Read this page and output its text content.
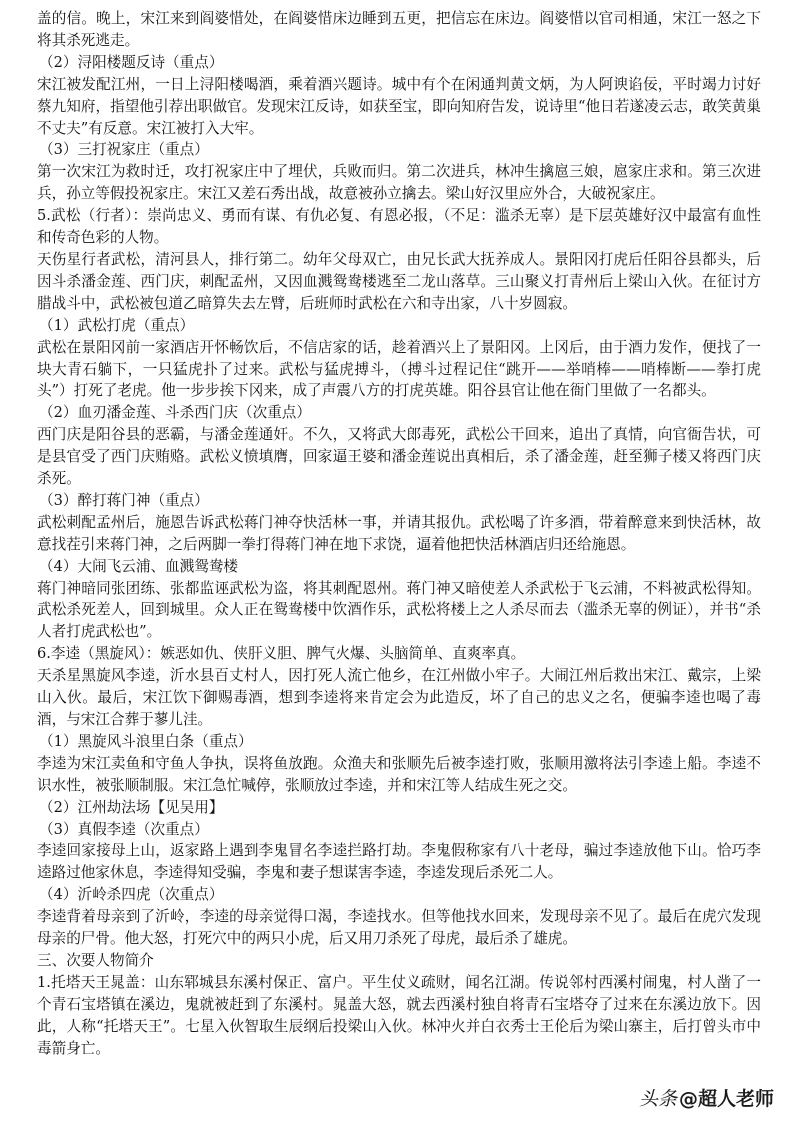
盖的信。晚上，宋江来到阎婆惜处，在阎婆惜床边睡到五更，把信忘在床边。阎婆惜以官司相通，宋江一怒之下将其杀死逃走。

（2）浔阳楼题反诗（重点）

宋江被发配江州，一日上浔阳楼喝酒，乘着酒兴题诗。城中有个在闲通判黄文炳，为人阿谀谄佞，平时竭力讨好蔡九知府，指望他引荐出职做官。发现宋江反诗，如获至宝，即向知府告发，说诗里“他日若遂凌云志，敢笑黄巢不丈夫”有反意。宋江被打入大牢。

（3）三打祝家庄（重点）

第一次宋江为救时迁，攻打祝家庄中了埋伏，兵败而归。第二次进兵，林冲生擒扈三娘，扈家庄求和。第三次进兵，孙立等假投祝家庄。宋江又差石秀出战，故意被孙立擒去。梁山好汉里应外合，大破祝家庄。

5.武松（行者）：崇尚忠义、勇而有谋、有仇必复、有恩必报，（不足：滥杀无辜）是下层英雄好汉中最富有血性和传奇色彩的人物。

天伤星行者武松，清河县人，排行第二。幼年父母双亡，由兄长武大抚养成人。景阳冈打虎后任阳谷县都头，后因斗杀潘金莲、西门庆，刺配孟州，又因血溅鸳鸯楼逃至二龙山落草。三山聚义打青州后上梁山入伙。在征讨方腊战斗中，武松被包道乙暗算失去左臂，后班师时武松在六和寺出家，八十岁圆寂。

（1）武松打虎（重点）

武松在景阳冈前一家酒店开怀畅饮后，不信店家的话，趁着酒兴上了景阳冈。上冈后，由于酒力发作，便找了一块大青石躺下，一只猛虎扑了过来。武松与猛虎搏斗，（搏斗过程记住“跳开——举哨棒——哨棒断——拳打虎头”）打死了老虎。他一步步挨下冈来，成了声震八方的打虎英雄。阳谷县官让他在衙门里做了一名都头。

（2）血刃潘金莲、斗杀西门庆（次重点）

西门庆是阳谷县的恶霸，与潘金莲通奸。不久，又将武大郎毒死，武松公干回来，追出了真情，向官衙告状，可是县官受了西门庆贿赂。武松义愤填膺，回家逼王婆和潘金莲说出真相后，杀了潘金莲，赶至狮子楼又将西门庆杀死。

（3）醉打蒋门神（重点）

武松刺配孟州后，施恩告诉武松蒋门神夺快活林一事，并请其报仇。武松喝了许多酒，带着醉意来到快活林，故意找茬引来蒋门神，之后两脚一拳打得蒋门神在地下求饶，逼着他把快活林酒店归还给施恩。

（4）大闹飞云浦、血溅鸳鸯楼

蒋门神暗同张团练、张都监诬武松为盗，将其刺配恩州。蒋门神又暗使差人杀武松于飞云浦，不料被武松得知。武松杀死差人，回到城里。众人正在鸳鸯楼中饮酒作乐，武松将楼上之人杀尽而去（滥杀无辜的例证），并书“杀人者打虎武松也”。

6.李逵（黑旋风）：嫉恶如仇、侠肝义胆、脾气火爆、头脑简单、直爽率真。

天杀星黑旋风李逵，沂水县百丈村人，因打死人流亡他乡，在江州做小牢子。大闹江州后救出宋江、戴宗，上梁山入伙。最后，宋江饮下御赐毒酒，想到李逵将来肯定会为此造反，坏了自己的忠义之名，便骗李逵也喝了毒酒，与宋江合葬于蓼儿洼。

（1）黑旋风斗浪里白条（重点）

李逵为宋江卖鱼和守鱼人争执，误将鱼放跑。众渔夫和张顺先后被李逵打败，张顺用激将法引李逵上船。李逵不识水性，被张顺制服。宋江急忙喊停，张顺放过李逵，并和宋江等人结成生死之交。

（2）江州劫法场【见吴用】

（3）真假李逵（次重点）

李逵回家接母上山，返家路上遇到李鬼冒名李逵拦路打劫。李鬼假称家有八十老母，骗过李逵放他下山。恰巧李逵路过他家休息，李逵得知受骗，李鬼和妻子想谋害李逵，李逵发现后杀死二人。

（4）沂岭杀四虎（次重点）

李逵背着母亲到了沂岭，李逵的母亲觉得口渴，李逵找水。但等他找水回来，发现母亲不见了。最后在虎穴发现母亲的尸骨。他大怒，打死穴中的两只小虎，后又用刀杀死了母虎，最后杀了雄虎。

三、次要人物简介

1.托塔天王晁盖：山东郓城县东溪村保正、富户。平生仗义疏财，闻名江湖。传说邻村西溪村闹鬼，村人凿了一个青石宝塔镇在溪边，鬼就被赶到了东溪村。晁盖大怒，就去西溪村独自将青石宝塔夺了过来在东溪边放下。因此，人称“托塔天王”。七星入伙智取生辰纲后投梁山入伙。林冲火并白衣秀士王伦后为梁山寨主，后打曾头市中毒箭身亡。

头条 @超人老师
